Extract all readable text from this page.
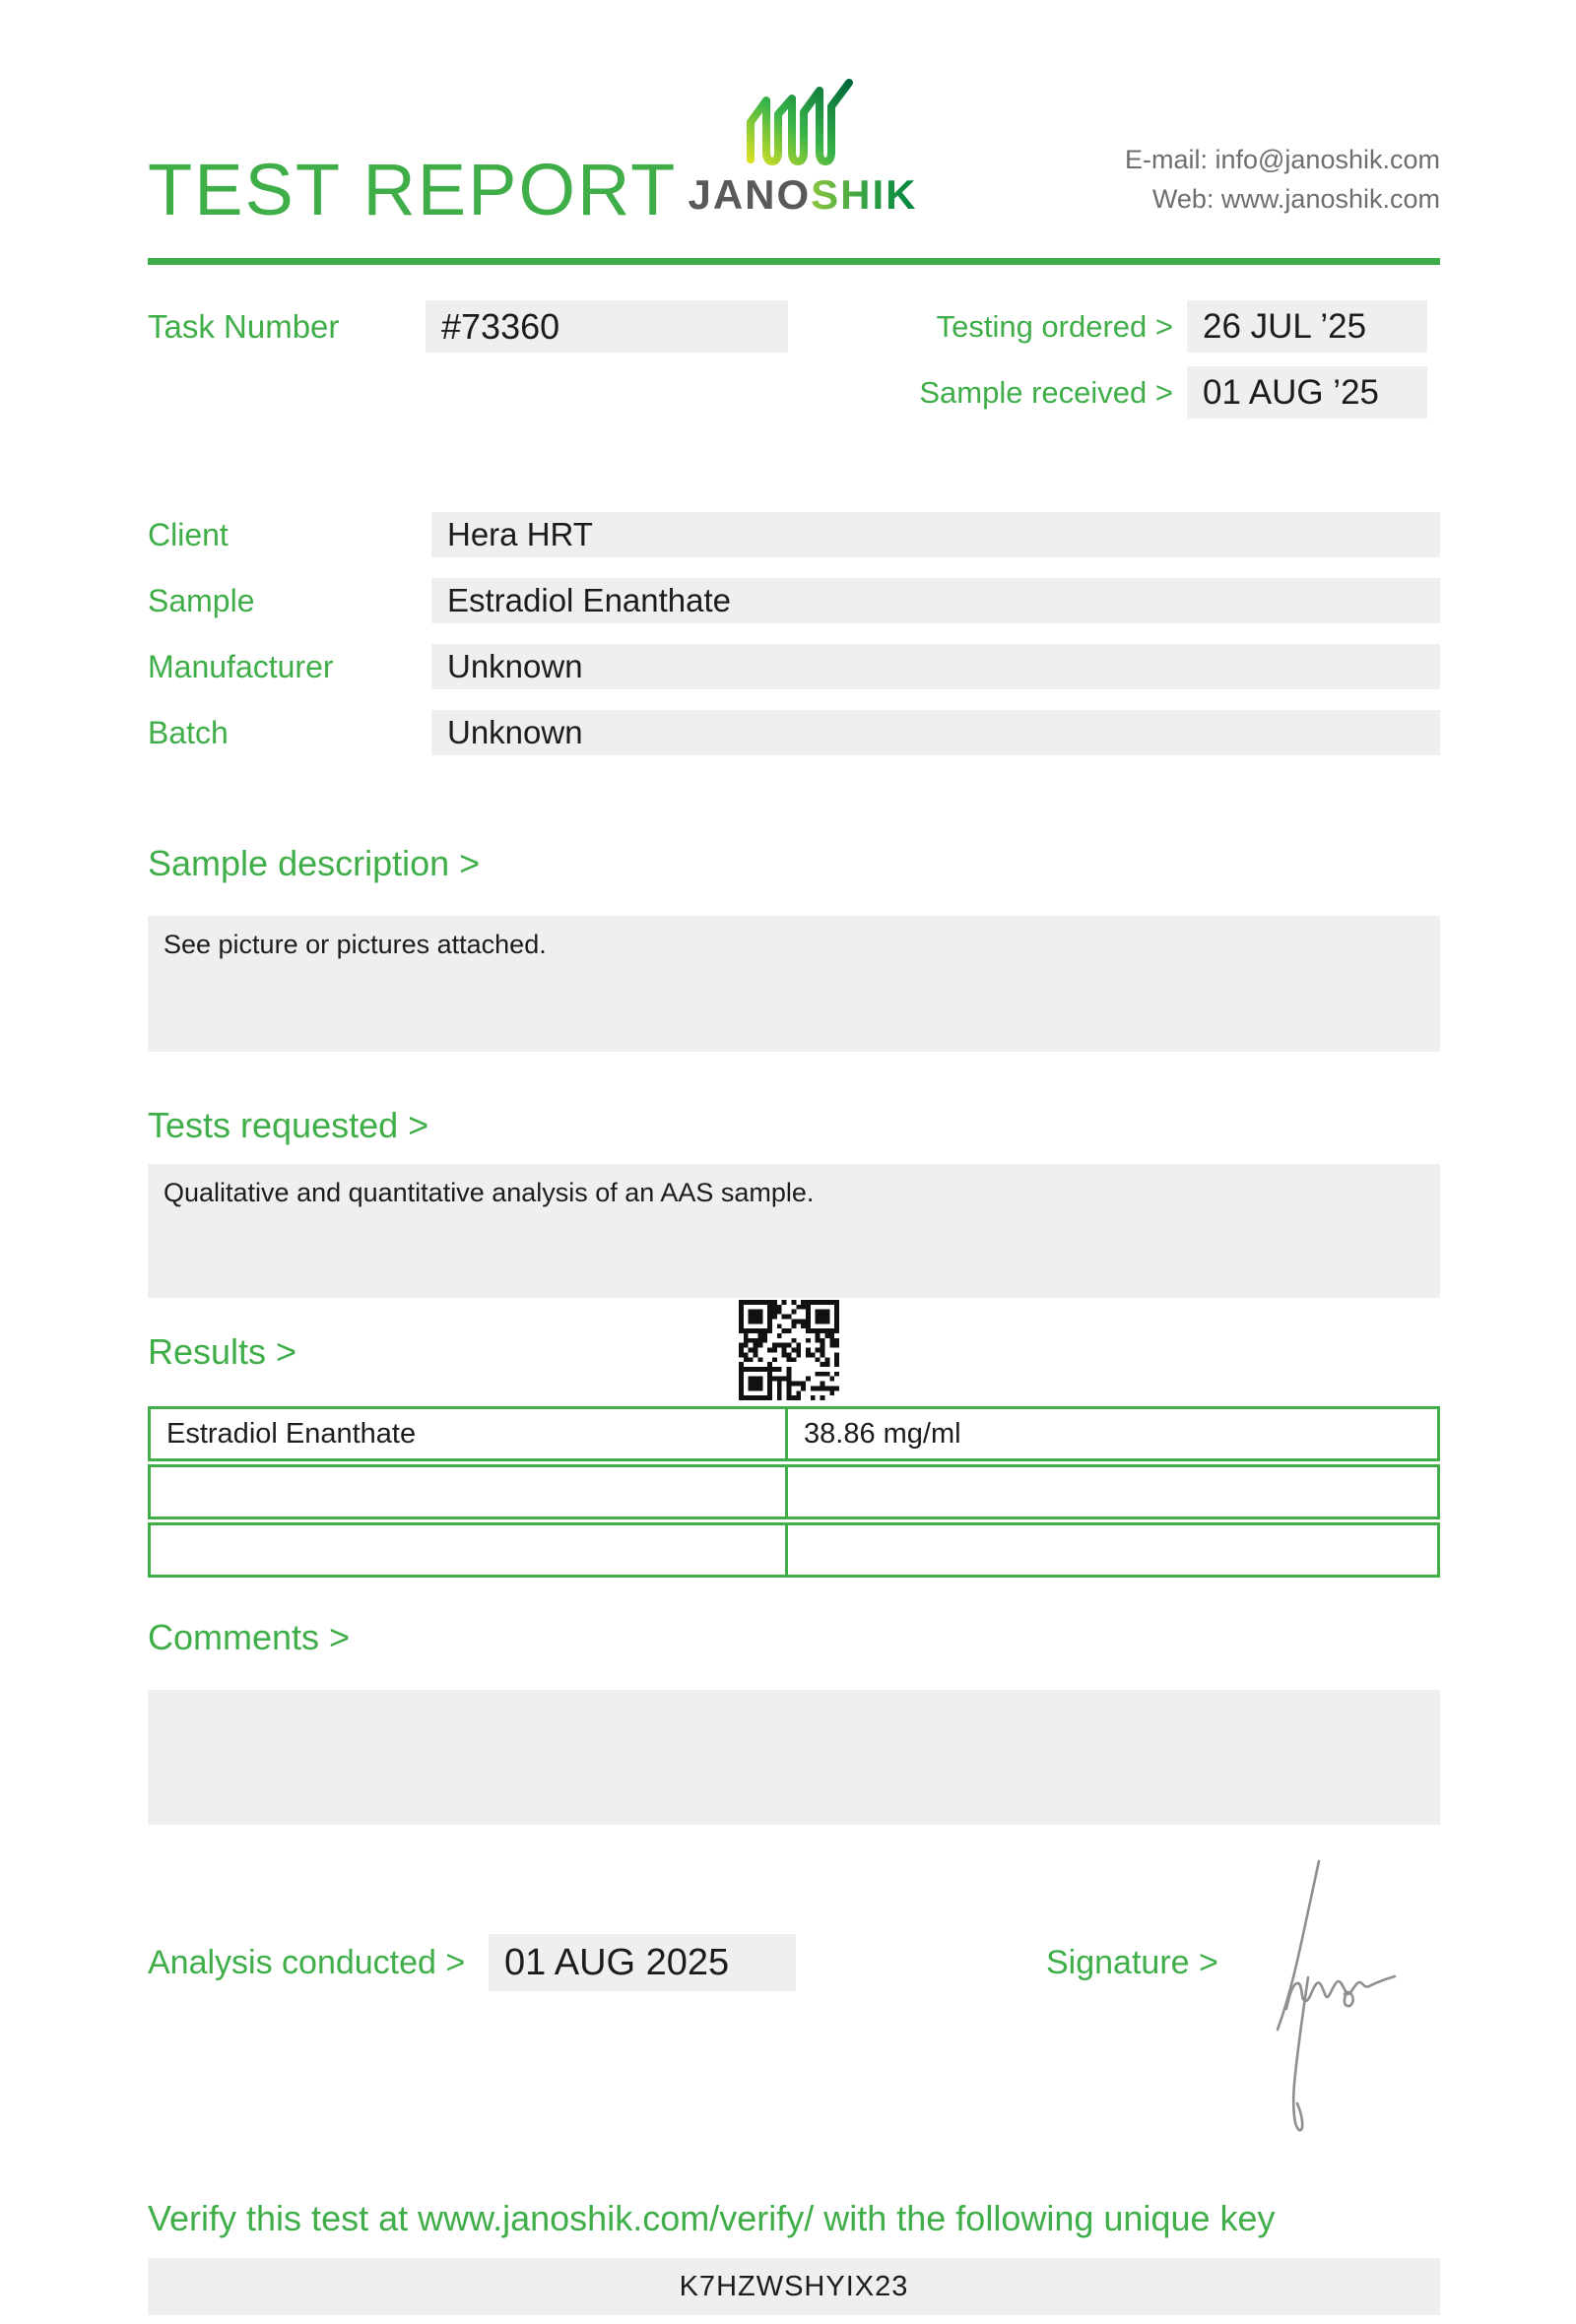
TEST REPORT JANOSHIK
E-mail: info@janoshik.com
Web: www.janoshik.com
Task Number	#73360	Testing ordered > 26 JUL ’25
Sample received > 01 AUG ’25
Client	Hera HRT
Sample	Estradiol Enanthate
Manufacturer	Unknown
Batch	Unknown
Sample description >
See picture or pictures attached.
Tests requested >
Qualitative and quantitative analysis of an AAS sample.
Results >
Estradiol Enanthate	38.86 mg/ml
Comments >
Analysis conducted >	01 AUG 2025	Signature >
Verify this test at www.janoshik.com/verify/ with the following unique key
K7HZWSHYIX23
